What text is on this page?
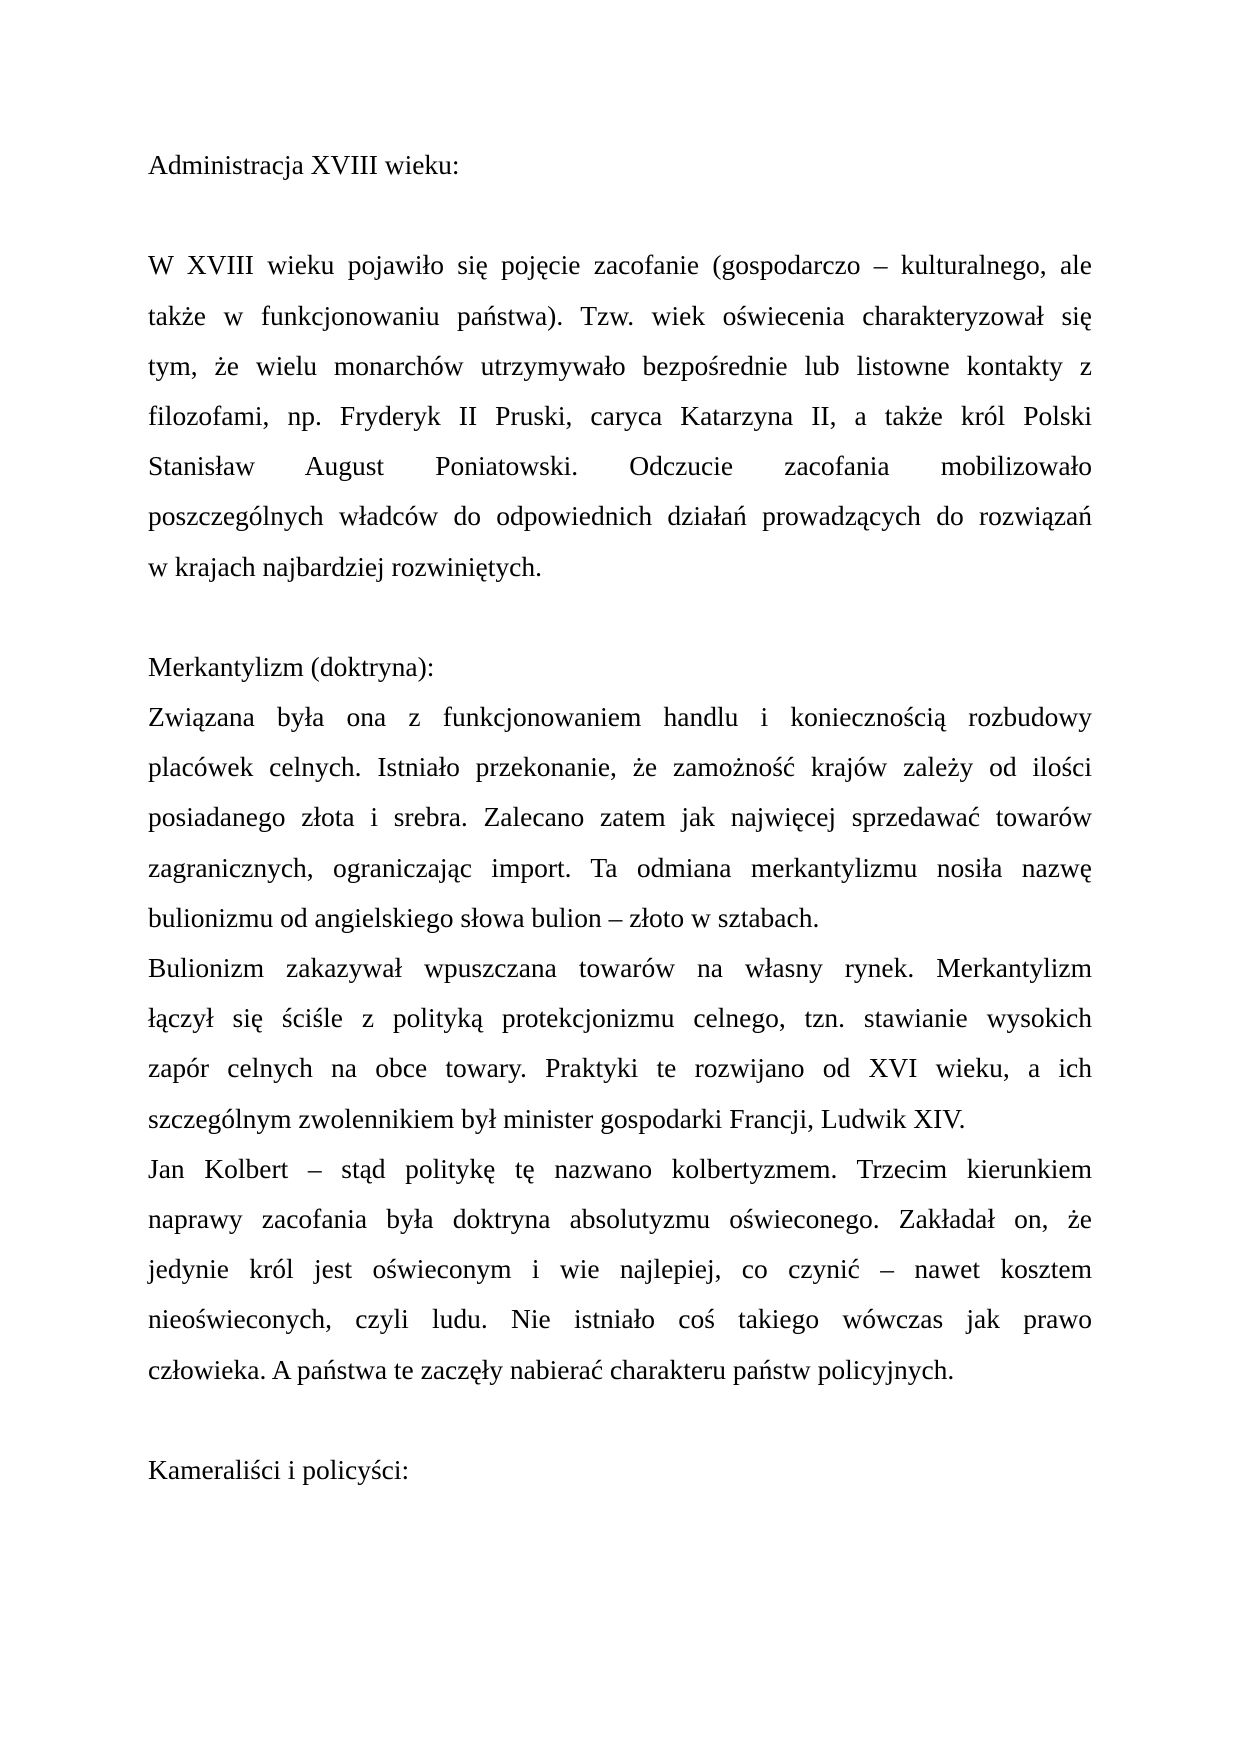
Administracja XVIII wieku:
W XVIII wieku pojawiło się pojęcie zacofanie (gospodarczo – kulturalnego, ale
także w funkcjonowaniu państwa). Tzw. wiek oświecenia charakteryzował się
tym, że wielu monarchów utrzymywało bezpośrednie lub listowne kontakty z
filozofami, np. Fryderyk II Pruski, caryca Katarzyna II, a także król Polski
Stanisław August Poniatowski. Odczucie zacofania mobilizowało
poszczególnych władców do odpowiednich działań prowadzących do rozwiązań
w krajach najbardziej rozwiniętych.
Merkantylizm (doktryna):
Związana była ona z funkcjonowaniem handlu i koniecznością rozbudowy
placówek celnych. Istniało przekonanie, że zamożność krajów zależy od ilości
posiadanego złota i srebra. Zalecano zatem jak najwięcej sprzedawać towarów
zagranicznych, ograniczając import. Ta odmiana merkantylizmu nosiła nazwę
bulionizmu od angielskiego słowa bulion – złoto w sztabach.
Bulionizm zakazywał wpuszczana towarów na własny rynek. Merkantylizm
łączył się ściśle z polityką protekcjonizmu celnego, tzn. stawianie wysokich
zapór celnych na obce towary. Praktyki te rozwijano od XVI wieku, a ich
szczególnym zwolennikiem był minister gospodarki Francji, Ludwik XIV.
Jan Kolbert – stąd politykę tę nazwano kolbertyzmem. Trzecim kierunkiem
naprawy zacofania była doktryna absolutyzmu oświeconego. Zakładał on, że
jedynie król jest oświeconym i wie najlepiej, co czynić – nawet kosztem
nieoświeconych, czyli ludu. Nie istniało coś takiego wówczas jak prawo
człowieka. A państwa te zaczęły nabierać charakteru państw policyjnych.
Kameraliści i policyści:
